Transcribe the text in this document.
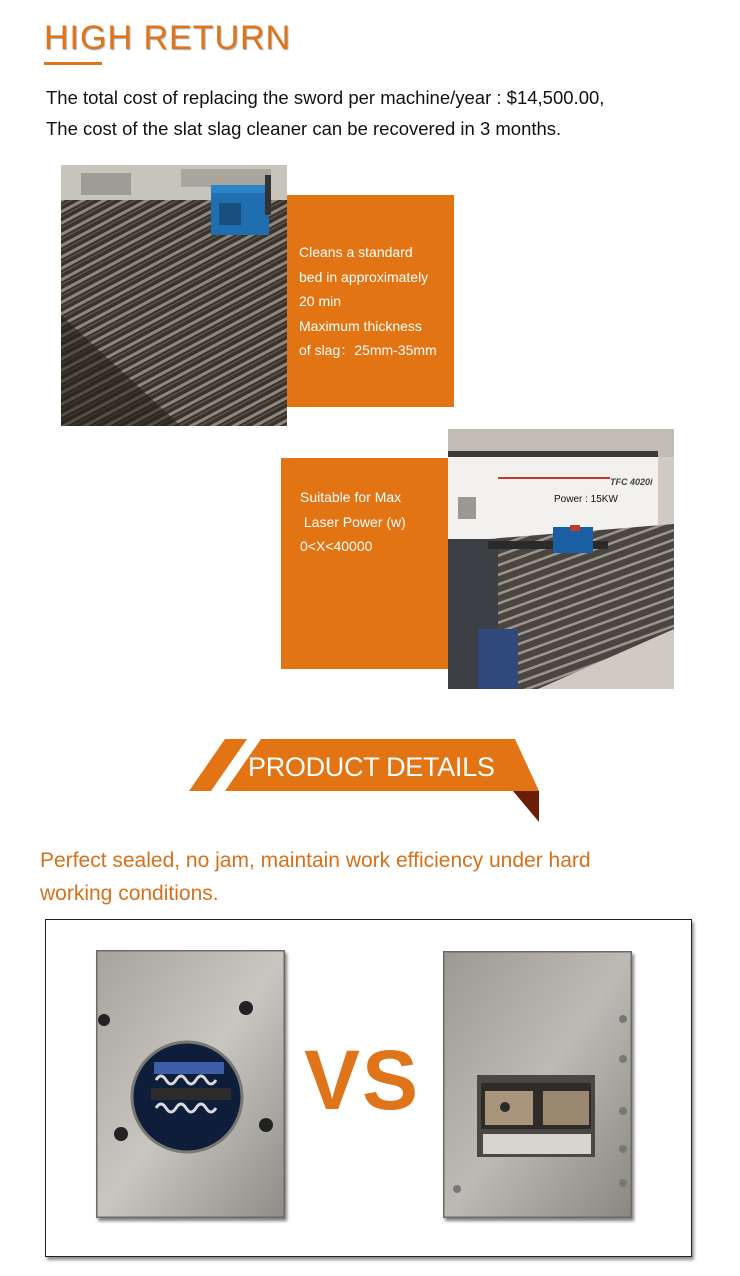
HIGH RETURN
The total cost of replacing the sword per machine/year : $14,500.00,
The cost of the slat slag cleaner can be recovered in 3 months.
Cleans a standard
bed in approximately
20 min
Maximum thickness
of slag：25mm-35mm
Suitable for Max
Laser Power (w)
0<X<40000
TFC 4020i
Power : 15KW
PRODUCT DETAILS
Perfect sealed, no jam, maintain work efficiency under hard
working conditions.
VS
